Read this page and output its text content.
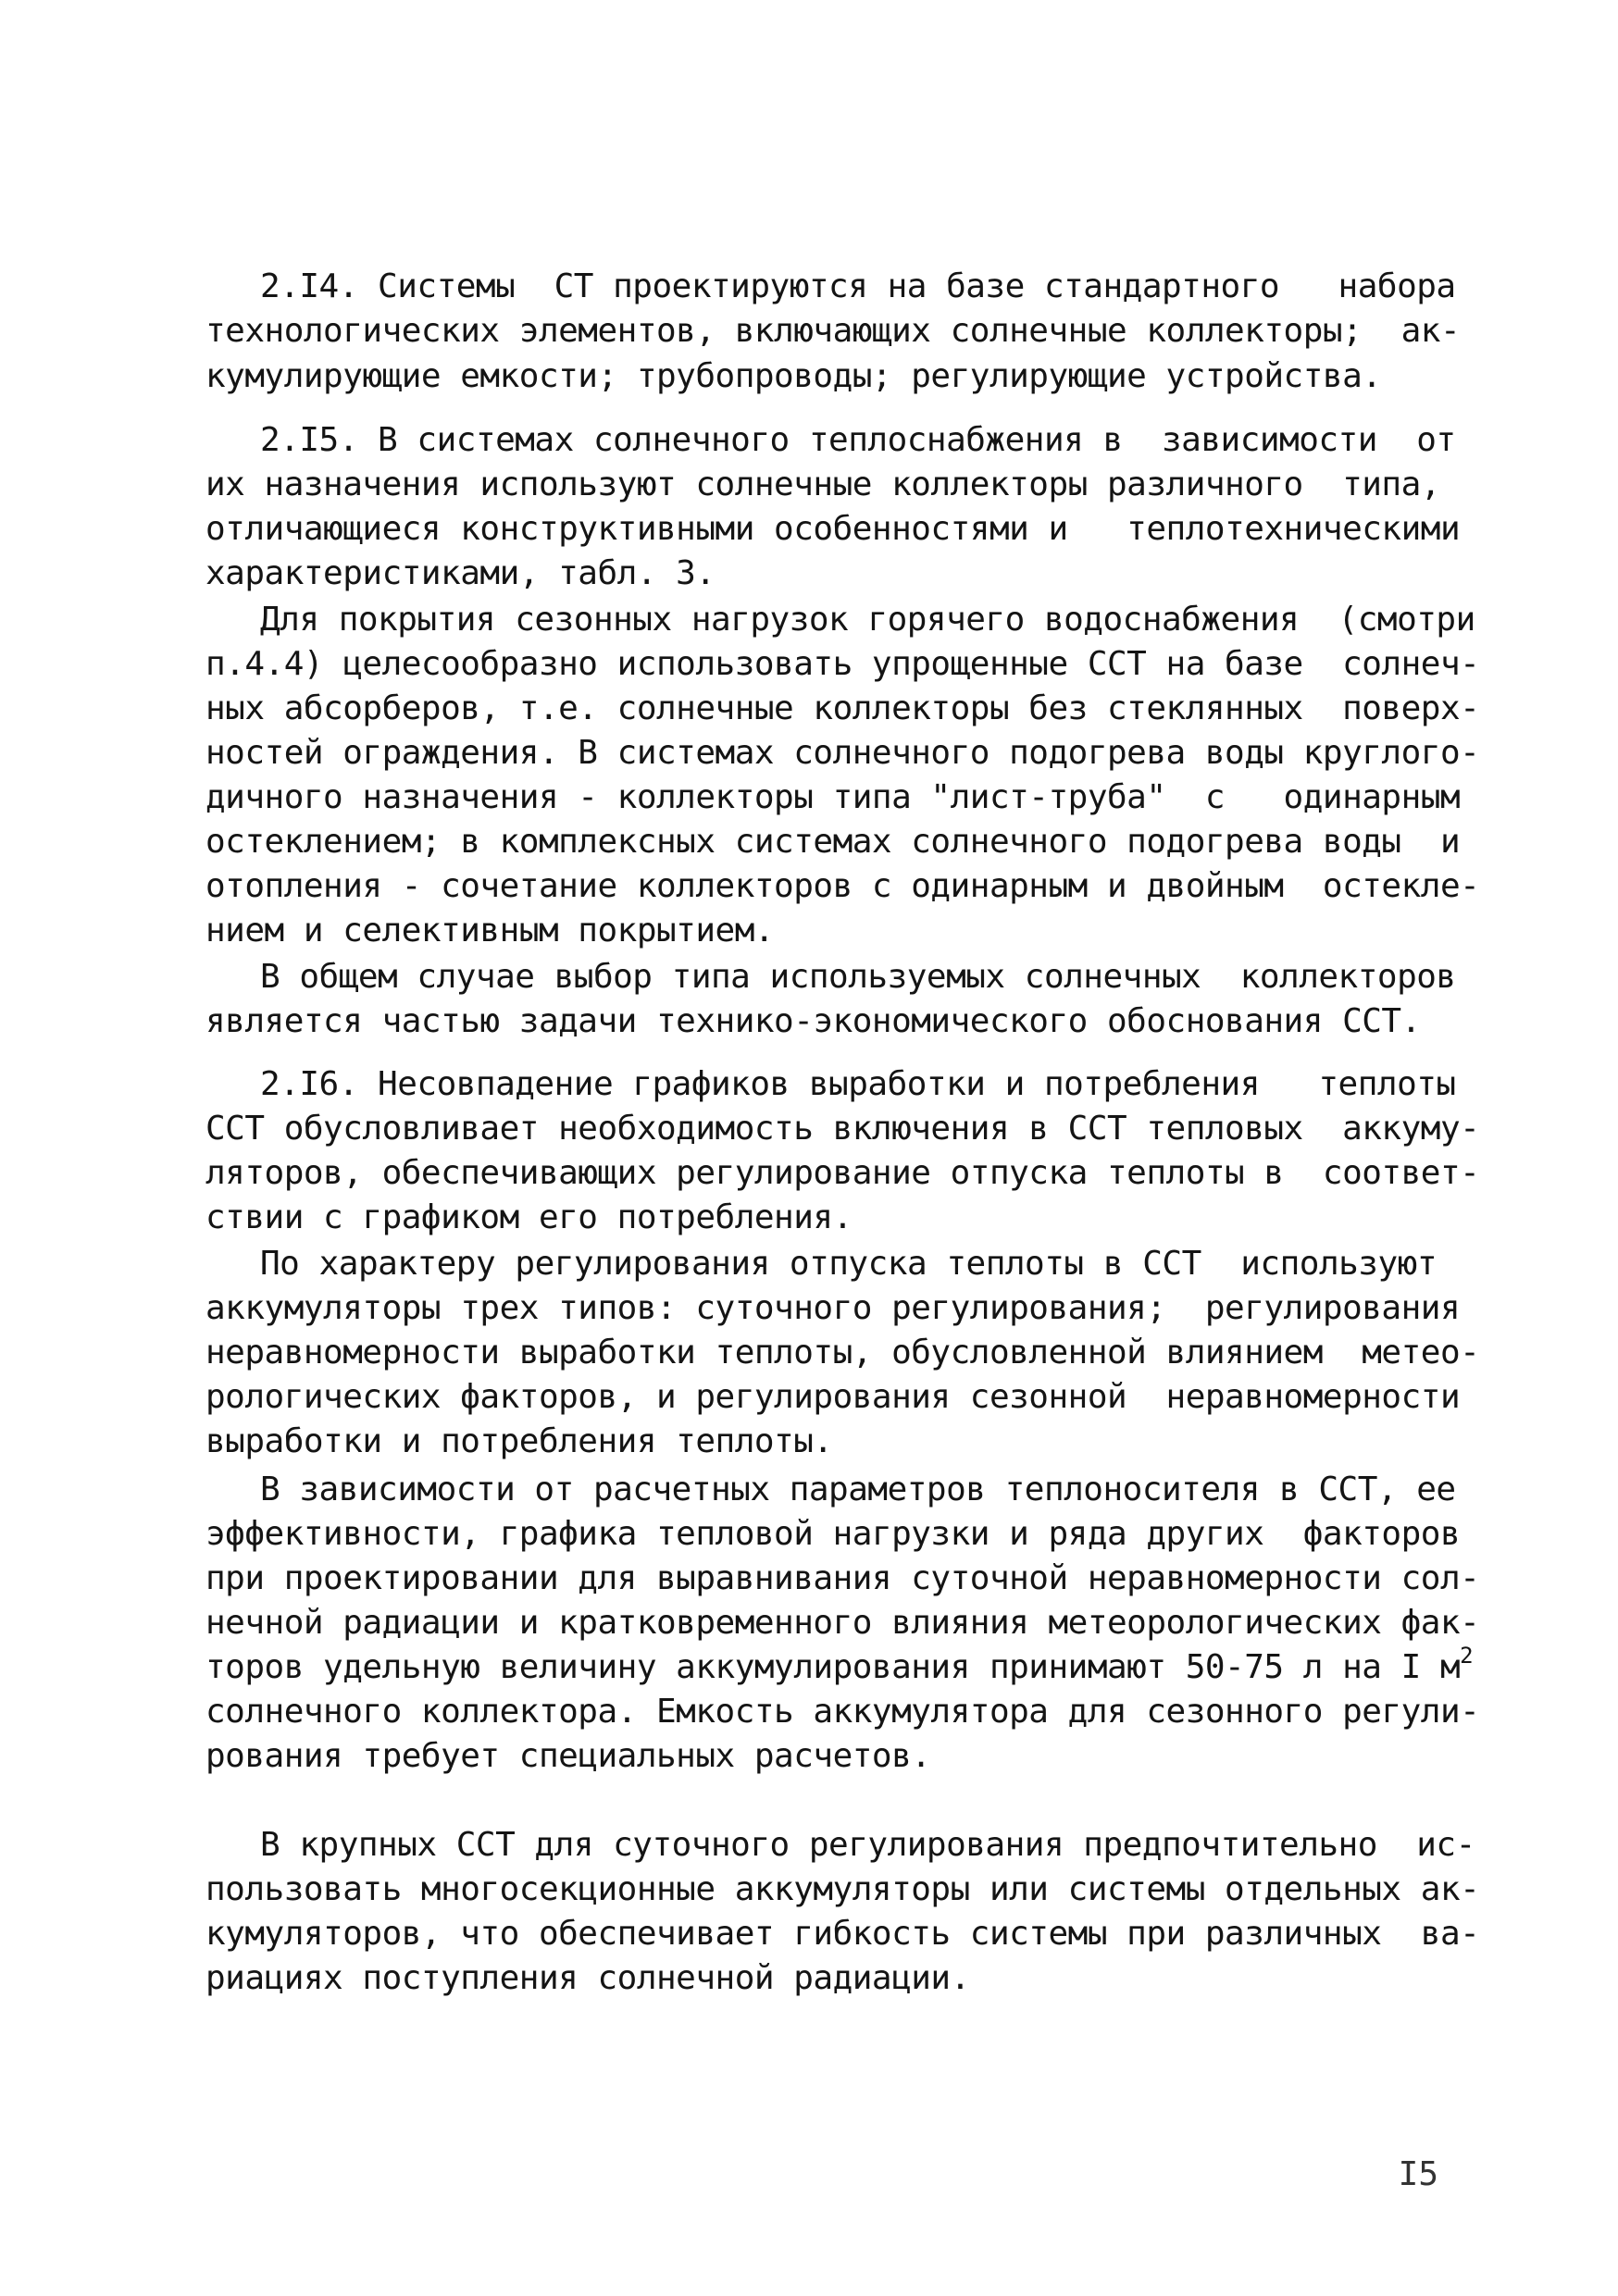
2.I4. Системы  СТ проектируются на базе стандартного   набора
технологических элементов, включающих солнечные коллекторы;  ак-
кумулирующие емкости; трубопроводы; регулирующие устройства.
2.I5. В системах солнечного теплоснабжения в  зависимости  от
их назначения используют солнечные коллекторы различного  типа,
отличающиеся конструктивными особенностями и   теплотехническими
характеристиками, табл. 3.
Для покрытия сезонных нагрузок горячего водоснабжения  (смотри
п.4.4) целесообразно использовать упрощенные ССТ на базе  солнеч-
ных абсорберов, т.е. солнечные коллекторы без стеклянных  поверх-
ностей ограждения. В системах солнечного подогрева воды круглого-
дичного назначения - коллекторы типа "лист-труба"  с   одинарным
остеклением; в комплексных системах солнечного подогрева воды  и
отопления - сочетание коллекторов с одинарным и двойным  остекле-
нием и селективным покрытием.
В общем случае выбор типа используемых солнечных  коллекторов
является частью задачи технико-экономического обоснования ССТ.
2.I6. Несовпадение графиков выработки и потребления   теплоты
ССТ обусловливает необходимость включения в ССТ тепловых  аккуму-
ляторов, обеспечивающих регулирование отпуска теплоты в  соответ-
ствии с графиком его потребления.
По характеру регулирования отпуска теплоты в ССТ  используют
аккумуляторы трех типов: суточного регулирования;  регулирования
неравномерности выработки теплоты, обусловленной влиянием  метео-
рологических факторов, и регулирования сезонной  неравномерности
выработки и потребления теплоты.
В зависимости от расчетных параметров теплоносителя в ССТ, ее
эффективности, графика тепловой нагрузки и ряда других  факторов
при проектировании для выравнивания суточной неравномерности сол-
нечной радиации и кратковременного влияния метеорологических фак-
торов удельную величину аккумулирования принимают 50-75 л на I $м^2$
солнечного коллектора. Емкость аккумулятора для сезонного регули-
рования требует специальных расчетов.
В крупных ССТ для суточного регулирования предпочтительно  ис-
пользовать многосекционные аккумуляторы или системы отдельных ак-
кумуляторов, что обеспечивает гибкость системы при различных  ва-
риациях поступления солнечной радиации.
I5
